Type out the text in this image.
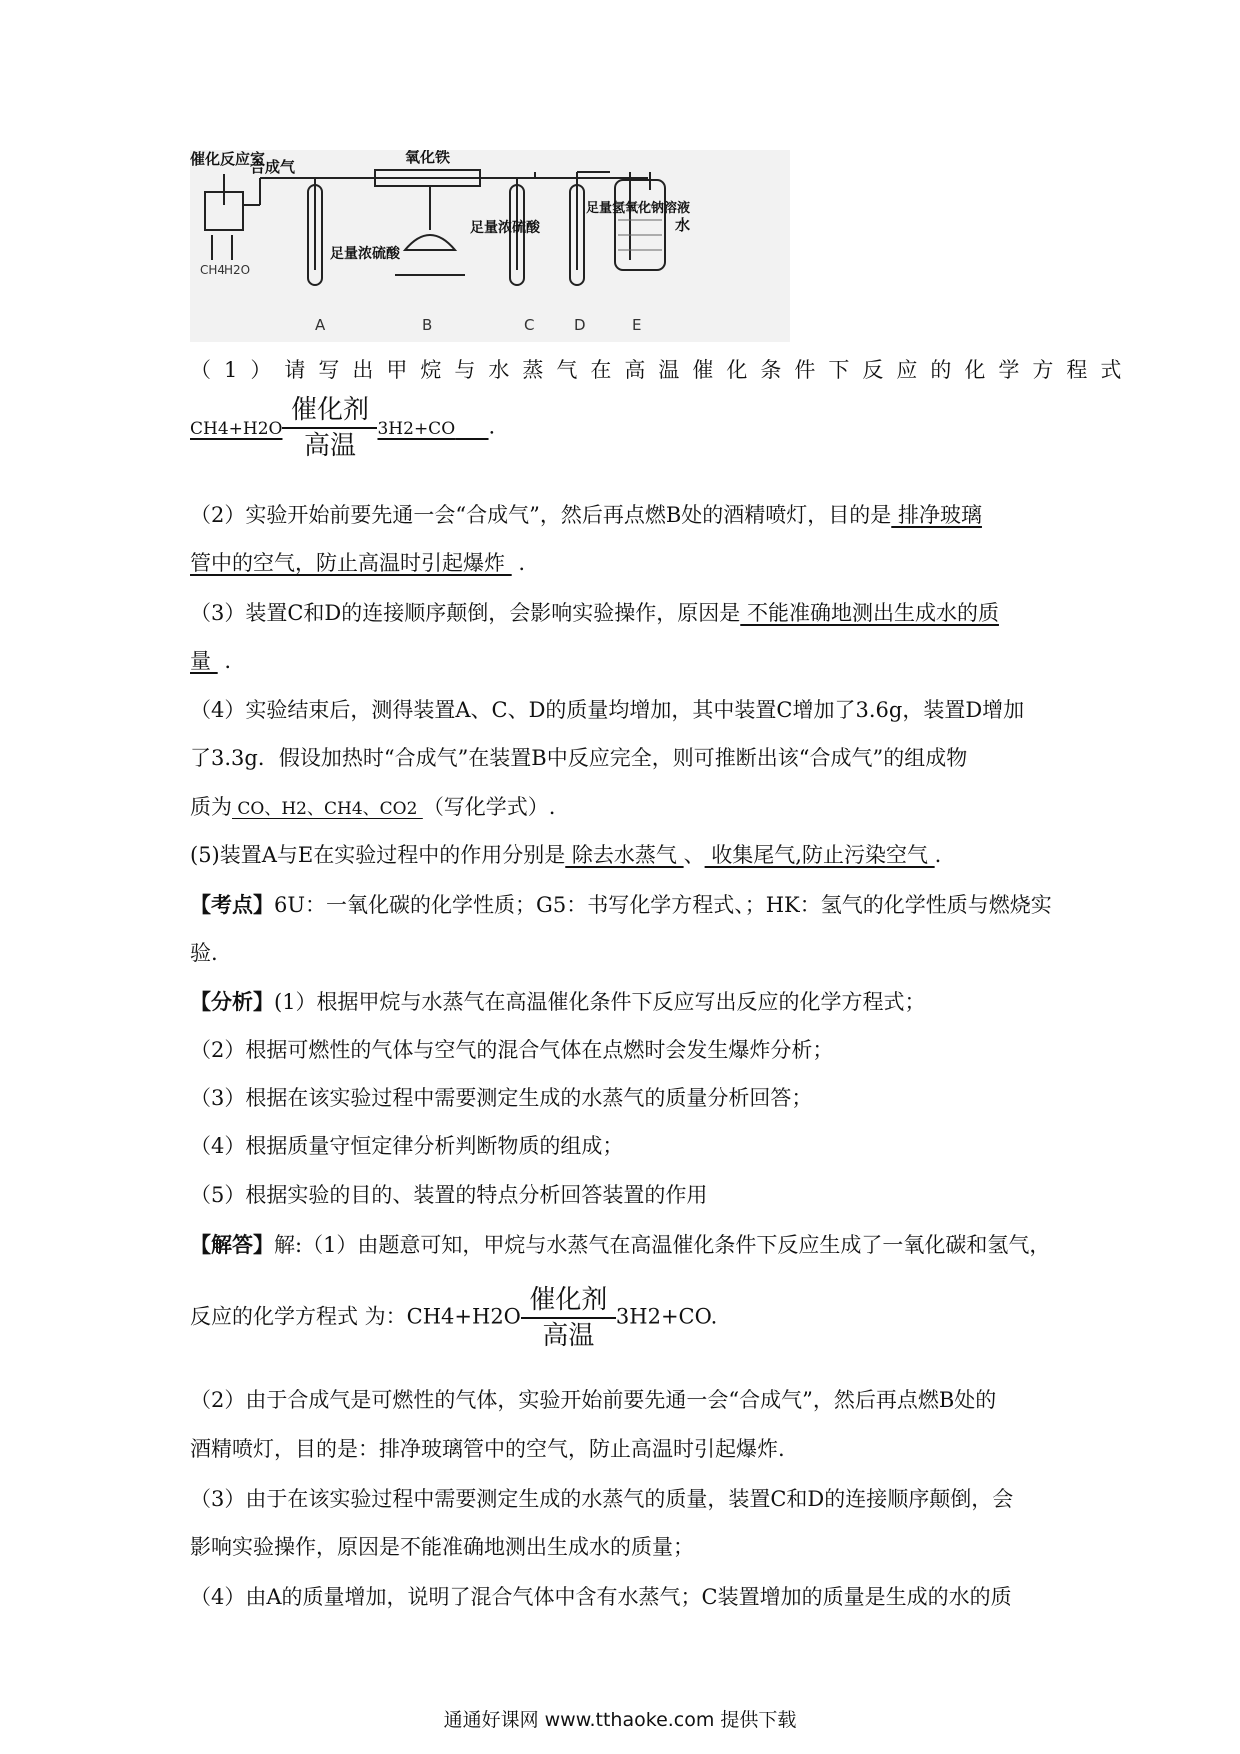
催化反应室
合成气
氧化铁
足量浓硫酸
足量浓硫酸
足量氢氧化钠溶液
水
CH4
H2O
A	B	C	D	E
（1）请写出甲烷与水蒸气在高温催化条件下反应的化学方程式
CH4+H2O
催化剂
高温
3H2+CO .
（2）实验开始前要先通一会“合成气”，然后再点燃B处的酒精喷灯，目的是 排净玻璃
管中的空气，防止高温时引起爆炸  .
（3）装置C和D的连接顺序颠倒，会影响实验操作，原因是 不能准确地测出生成水的质
量  .
（4）实验结束后，测得装置A、C、D的质量均增加，其中装置C增加了3.6g，装置D增加
了3.3g．假设加热时“合成气”在装置B中反应完全，则可推断出该“合成气”的组成物
质为 CO、H2、CH4、CO2 （写化学式）.
(5)装置A与E在实验过程中的作用分别是 除去水蒸气 、 收集尾气,防止污染空气 .
【考点】6U：一氧化碳的化学性质；G5：书写化学方程式、；HK：氢气的化学性质与燃烧实
验.
【分析】(1）根据甲烷与水蒸气在高温催化条件下反应写出反应的化学方程式；
（2）根据可燃性的气体与空气的混合气体在点燃时会发生爆炸分析；
（3）根据在该实验过程中需要测定生成的水蒸气的质量分析回答；
（4）根据质量守恒定律分析判断物质的组成；
（5）根据实验的目的、装置的特点分析回答装置的作用
【解答】解:（1）由题意可知，甲烷与水蒸气在高温催化条件下反应生成了一氧化碳和氢气，
反应的化学方程式 为：CH4+H2O
催化剂
高温
3H2+CO.
（2）由于合成气是可燃性的气体，实验开始前要先通一会“合成气”，然后再点燃B处的
酒精喷灯，目的是：排净玻璃管中的空气，防止高温时引起爆炸.
（3）由于在该实验过程中需要测定生成的水蒸气的质量，装置C和D的连接顺序颠倒，会
影响实验操作，原因是不能准确地测出生成水的质量；
（4）由A的质量增加，说明了混合气体中含有水蒸气；C装置增加的质量是生成的水的质
通通好课网 www.tthaoke.com 提供下载
